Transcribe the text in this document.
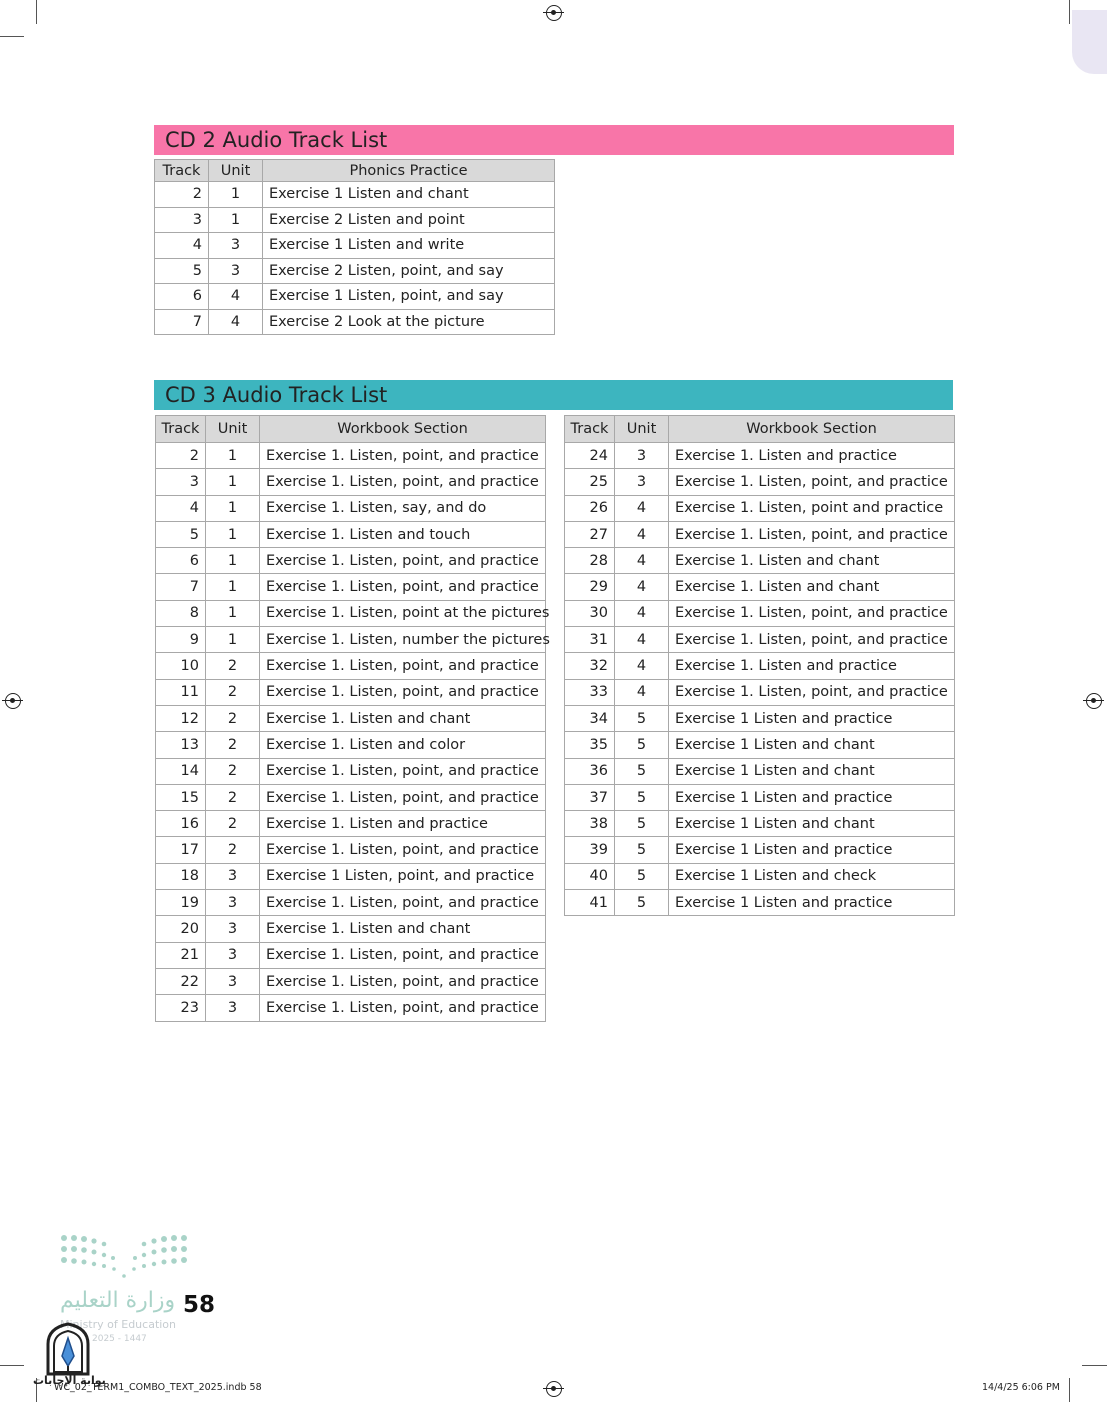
CD 2 Audio Track List
Track	Unit	Phonics Practice
2	1	Exercise 1 Listen and chant
3	1	Exercise 2 Listen and point
4	3	Exercise 1 Listen and write
5	3	Exercise 2 Listen, point, and say
6	4	Exercise 1 Listen, point, and say
7	4	Exercise 2 Look at the picture
CD 3 Audio Track List
Track	Unit	Workbook Section
2	1	Exercise 1. Listen, point, and practice
3	1	Exercise 1. Listen, point, and practice
4	1	Exercise 1. Listen, say, and do
5	1	Exercise 1. Listen and touch
6	1	Exercise 1. Listen, point, and practice
7	1	Exercise 1. Listen, point, and practice
8	1	Exercise 1. Listen, point at the pictures
9	1	Exercise 1. Listen, number the pictures
10	2	Exercise 1. Listen, point, and practice
11	2	Exercise 1. Listen, point, and practice
12	2	Exercise 1. Listen and chant
13	2	Exercise 1. Listen and color
14	2	Exercise 1. Listen, point, and practice
15	2	Exercise 1. Listen, point, and practice
16	2	Exercise 1. Listen and practice
17	2	Exercise 1. Listen, point, and practice
18	3	Exercise 1 Listen, point, and practice
19	3	Exercise 1. Listen, point, and practice
20	3	Exercise 1. Listen and chant
21	3	Exercise 1. Listen, point, and practice
22	3	Exercise 1. Listen, point, and practice
23	3	Exercise 1. Listen, point, and practice
Track	Unit	Workbook Section
24	3	Exercise 1. Listen and practice
25	3	Exercise 1. Listen, point, and practice
26	4	Exercise 1. Listen, point and practice
27	4	Exercise 1. Listen, point, and practice
28	4	Exercise 1. Listen and chant
29	4	Exercise 1. Listen and chant
30	4	Exercise 1. Listen, point, and practice
31	4	Exercise 1. Listen, point, and practice
32	4	Exercise 1. Listen and practice
33	4	Exercise 1. Listen, point, and practice
34	5	Exercise 1 Listen and practice
35	5	Exercise 1 Listen and chant
36	5	Exercise 1 Listen and chant
37	5	Exercise 1 Listen and practice
38	5	Exercise 1 Listen and chant
39	5	Exercise 1 Listen and practice
40	5	Exercise 1 Listen and check
41	5	Exercise 1 Listen and practice
وزارة التعليم
Ministry of Education
2025 - 1447
58
بوابة الإجابات
WC_02_TERM1_COMBO_TEXT_2025.indb 58	14/4/25 6:06 PM
